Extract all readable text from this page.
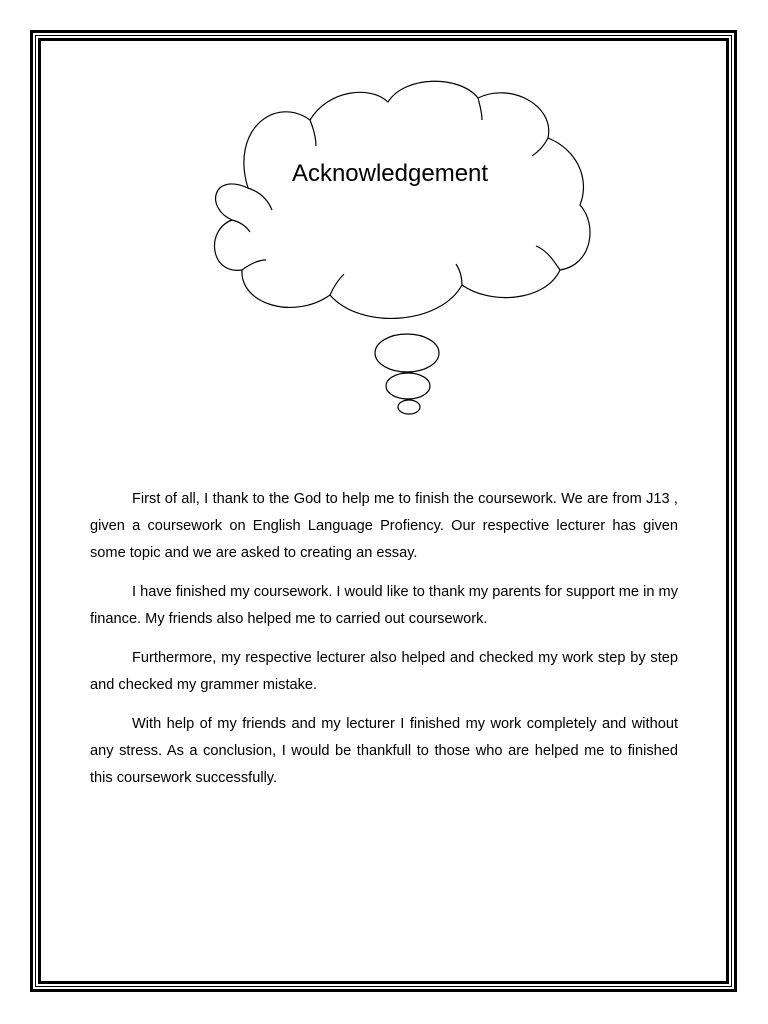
Acknowledgement

First of all, I thank to the God to help me to finish the coursework. We are from J13 , given a coursework on English Language Profiency. Our respective lecturer has given some topic and we are asked to creating an essay.

I have finished my coursework. I would like to thank my parents for support me in my finance. My friends also helped me to carried out coursework.

Furthermore, my respective lecturer also helped and checked my work step by step and checked my grammer mistake.

With help of my friends and my lecturer I finished my work completely and without any stress. As a conclusion, I would be thankfull to those who are helped me to finished this coursework successfully.
